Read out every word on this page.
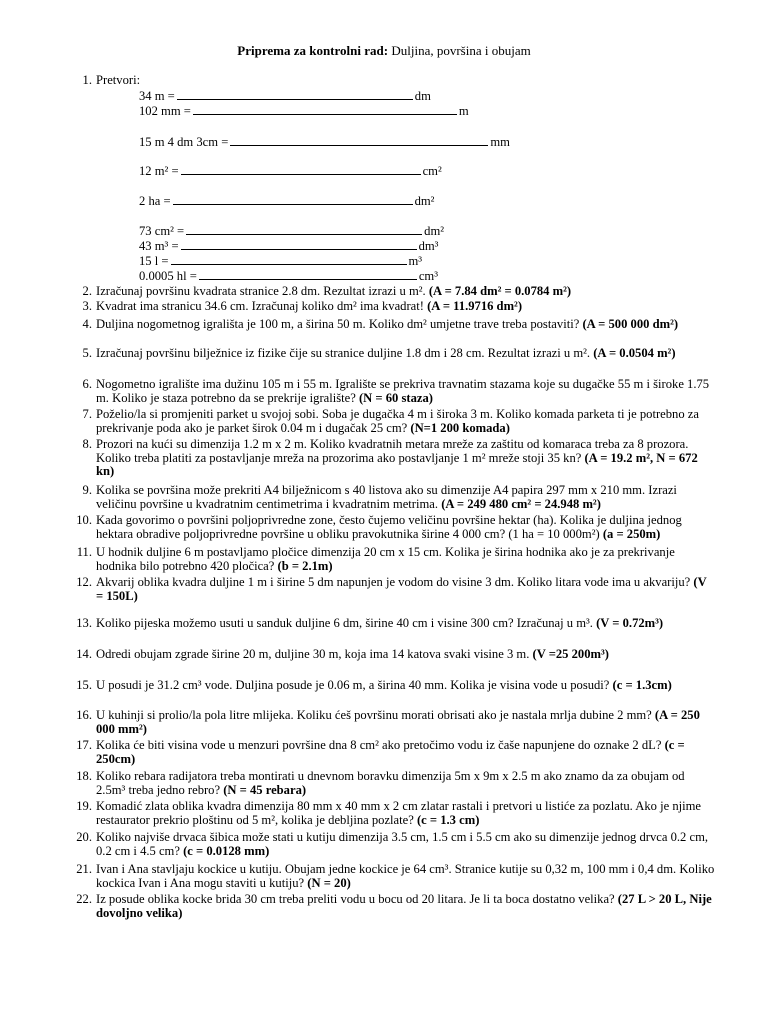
Priprema za kontrolni rad: Duljina, površina i obujam
1. Pretvori:
34 m =	dm
102 mm =	m
15 m 4 dm 3cm =	mm
12 m² =	cm²
2 ha =	dm²
73 cm² =	dm²
43 m³ =	dm³
15 l =	m³
0.0005 hl =	cm³
2. Izračunaj površinu kvadrata stranice 2.8 dm. Rezultat izrazi u m². (A = 7.84 dm² = 0.0784 m²)
3. Kvadrat ima stranicu 34.6 cm. Izračunaj koliko dm² ima kvadrat! (A = 11.9716 dm²)
4. Duljina nogometnog igrališta je 100 m, a širina 50 m. Koliko dm² umjetne trave treba postaviti? (A = 500 000 dm²)
5. Izračunaj površinu bilježnice iz fizike čije su stranice duljine 1.8 dm i 28 cm. Rezultat izrazi u m². (A = 0.0504 m²)
6. Nogometno igralište ima dužinu 105 m i 55 m. Igralište se prekriva travnatim stazama koje su dugačke 55 m i široke 1.75 m. Koliko je staza potrebno da se prekrije igralište? (N = 60 staza)
7. Poželio/la si promjeniti parket u svojoj sobi. Soba je dugačka 4 m i široka 3 m. Koliko komada parketa ti je potrebno za prekrivanje poda ako je parket širok 0.04 m i dugačak 25 cm? (N=1 200 komada)
8. Prozori na kući su dimenzija 1.2 m x 2 m. Koliko kvadratnih metara mreže za zaštitu od komaraca treba za 8 prozora. Koliko treba platiti za postavljanje mreža na prozorima ako postavljanje 1 m² mreže stoji 35 kn? (A = 19.2 m², N = 672 kn)
9. Kolika se površina može prekriti A4 bilježnicom s 40 listova ako su dimenzije A4 papira 297 mm x 210 mm. Izrazi veličinu površine u kvadratnim centimetrima i kvadratnim metrima. (A = 249 480 cm² = 24.948 m²)
10. Kada govorimo o površini poljoprivredne zone, često čujemo veličinu površine hektar (ha). Kolika je duljina jednog hektara obradive poljoprivredne površine u obliku pravokutnika širine 4 000 cm? (1 ha = 10 000m²) (a = 250m)
11. U hodnik duljine 6 m postavljamo pločice dimenzija 20 cm x 15 cm. Kolika je širina hodnika ako je za prekrivanje hodnika bilo potrebno 420 pločica? (b = 2.1m)
12. Akvarij oblika kvadra duljine 1 m i širine 5 dm napunjen je vodom do visine 3 dm. Koliko litara vode ima u akvariju? (V = 150L)
13. Koliko pijeska možemo usuti u sanduk duljine 6 dm, širine 40 cm i visine 300 cm? Izračunaj u m³. (V = 0.72m³)
14. Odredi obujam zgrade širine 20 m, duljine 30 m, koja ima 14 katova svaki visine 3 m. (V =25 200m³)
15. U posudi je 31.2 cm³ vode. Duljina posude je 0.06 m, a širina 40 mm. Kolika je visina vode u posudi? (c = 1.3cm)
16. U kuhinji si prolio/la pola litre mlijeka. Koliku ćeš površinu morati obrisati ako je nastala mrlja dubine 2 mm? (A = 250 000 mm²)
17. Kolika će biti visina vode u menzuri površine dna 8 cm² ako pretočimo vodu iz čaše napunjene do oznake 2 dL? (c = 250cm)
18. Koliko rebara radijatora treba montirati u dnevnom boravku dimenzija 5m x 9m x 2.5 m ako znamo da za obujam od 2.5m³ treba jedno rebro? (N = 45 rebara)
19. Komadić zlata oblika kvadra dimenzija 80 mm x 40 mm x 2 cm zlatar rastali i pretvori u listiće za pozlatu. Ako je njime restaurator prekrio ploštinu od 5 m², kolika je debljina pozlate? (c = 1.3 cm)
20. Koliko najviše drvaca šibica može stati u kutiju dimenzija 3.5 cm, 1.5 cm i 5.5 cm ako su dimenzije jednog drvca 0.2 cm, 0.2 cm i 4.5 cm? (c = 0.0128 mm)
21. Ivan i Ana stavljaju kockice u kutiju. Obujam jedne kockice je 64 cm³. Stranice kutije su 0,32 m, 100 mm i 0,4 dm. Koliko kockica Ivan i Ana mogu staviti u kutiju? (N = 20)
22. Iz posude oblika kocke brida 30 cm treba preliti vodu u bocu od 20 litara. Je li ta boca dostatno velika? (27 L > 20 L, Nije dovoljno velika)
